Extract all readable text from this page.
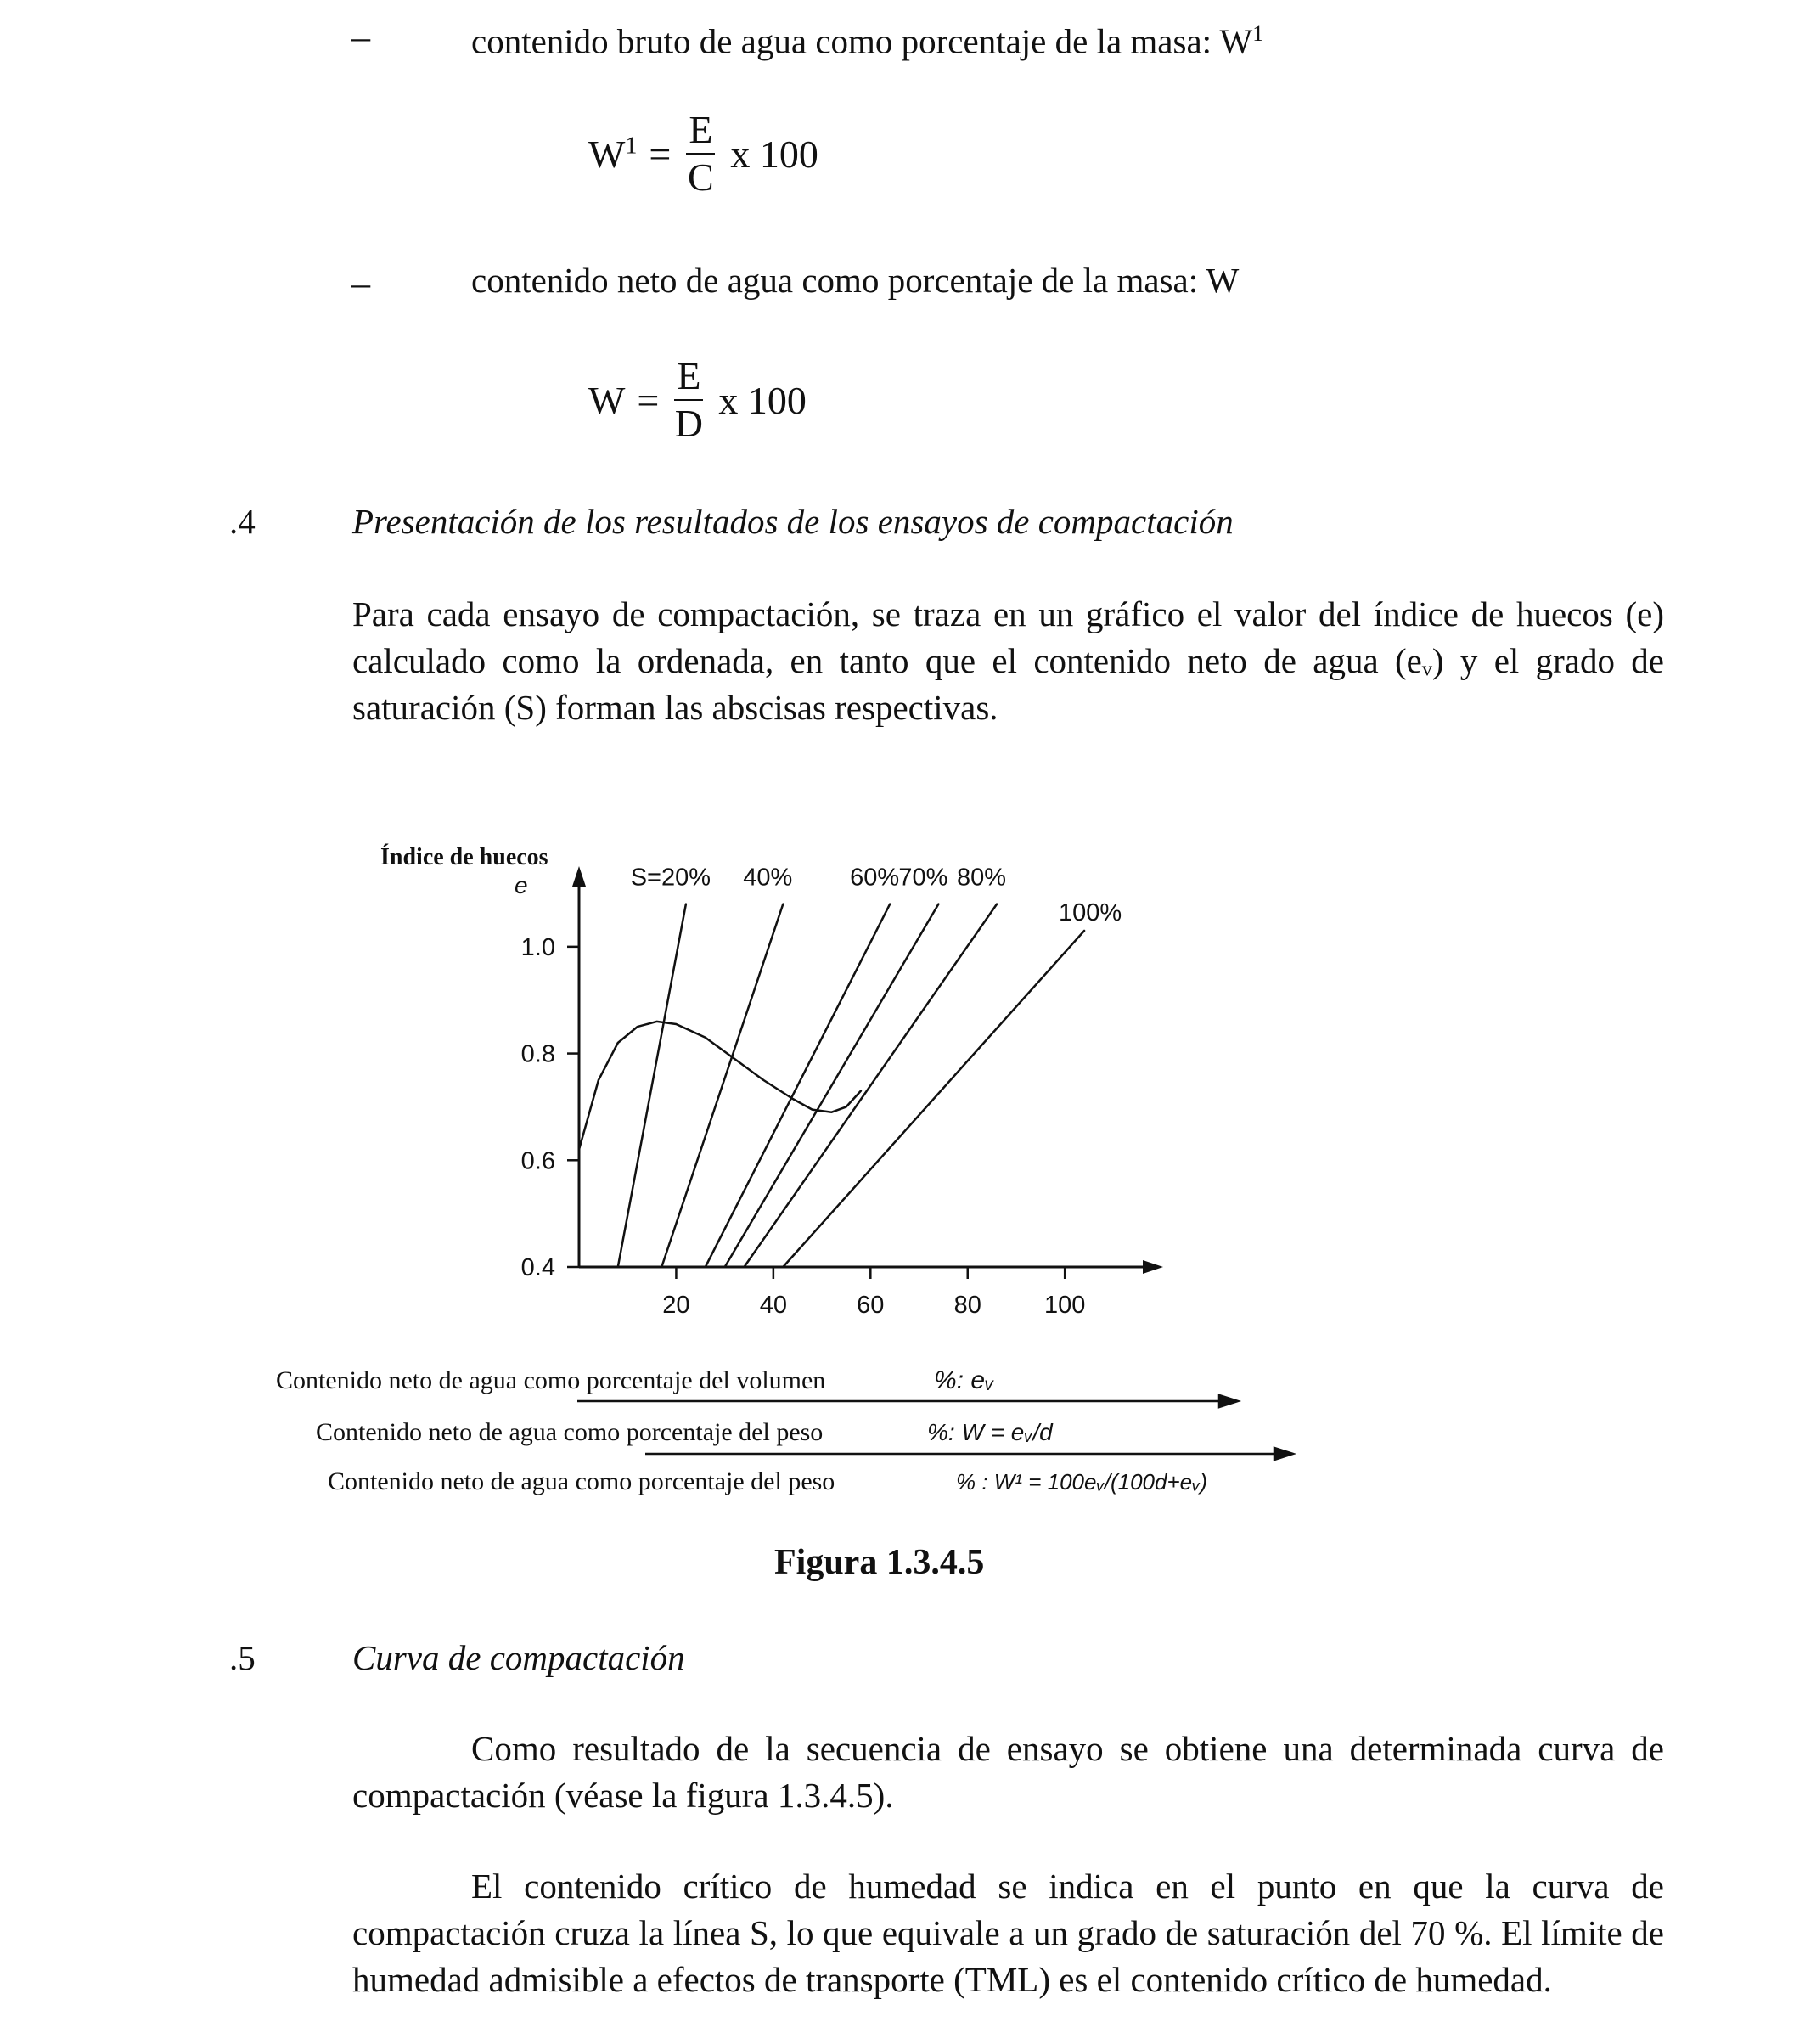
–	contenido bruto de agua como porcentaje de la masa: $W^1$
$W^1 = \frac{E}{C}$ x 100
–	contenido neto de agua como porcentaje de la masa: W
$W = \frac{E}{D}$ x 100
.4	Presentación de los resultados de los ensayos de compactación
Para cada ensayo de compactación, se traza en un gráfico el valor del índice de huecos (e) calculado como la ordenada, en tanto que el contenido neto de agua (eᵥ) y el grado de saturación (S) forman las abscisas respectivas.
Índice de huecos
e
0.4
0.6
0.8
1.0
20	40	60	80	100
S=20% 40% 60% 70% 80%
100%
Contenido neto de agua como porcentaje del volumen	%: eᵥ
Contenido neto de agua como porcentaje del peso	%: W = eᵥ/d
Contenido neto de agua como porcentaje del peso	% : W¹ = 100eᵥ/(100d+eᵥ)
Figura 1.3.4.5
.5	Curva de compactación
Como resultado de la secuencia de ensayo se obtiene una determinada curva de compactación (véase la figura 1.3.4.5).
El contenido crítico de humedad se indica en el punto en que la curva de compactación cruza la línea S, lo que equivale a un grado de saturación del 70 %. El límite de humedad admisible a efectos de transporte (TML) es el contenido crítico de humedad.
